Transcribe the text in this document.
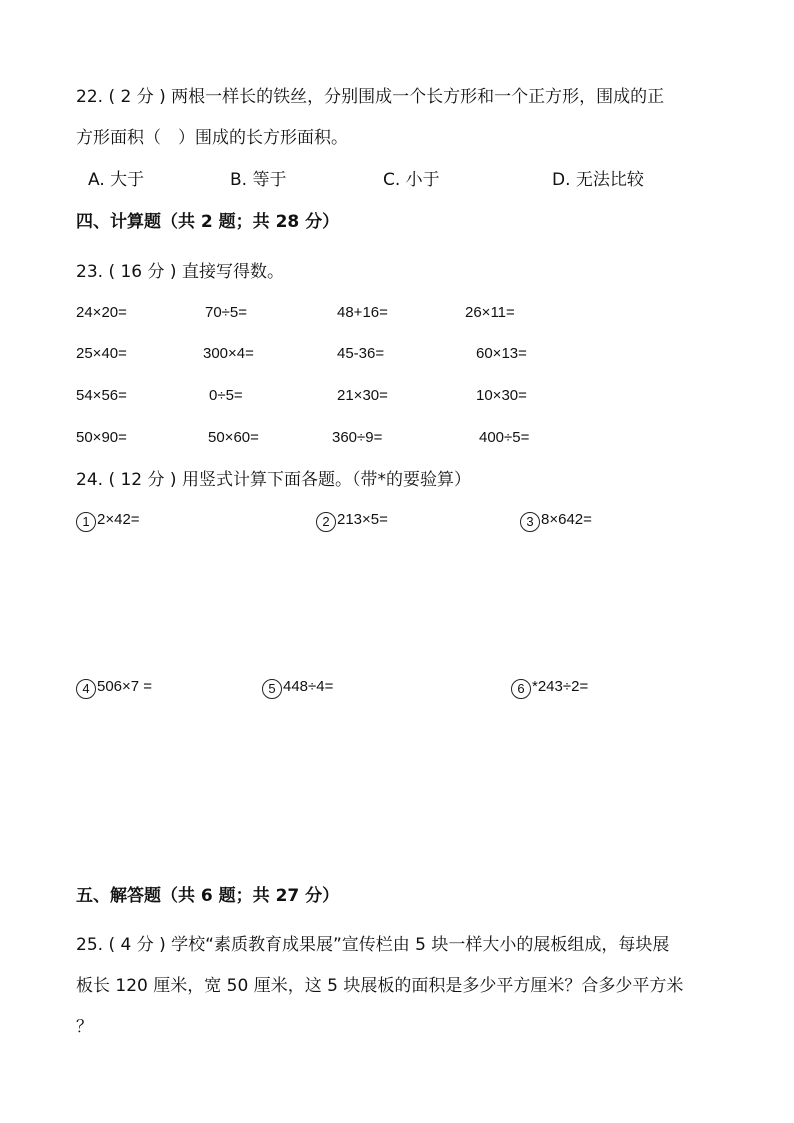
22. ( 2 分 ) 两根一样长的铁丝，分别围成一个长方形和一个正方形，围成的正
方形面积（　）围成的长方形面积。
A. 大于	B. 等于	C. 小于	D. 无法比较
四、计算题（共 2 题；共 28 分）
23. ( 16 分 ) 直接写得数。
24×20=	70÷5=	48+16=	26×11=
25×40=	300×4=	45-36=	60×13=
54×56=	0÷5=	21×30=	10×30=
50×90=	50×60=	360÷9=	400÷5=
24. ( 12 分 ) 用竖式计算下面各题。（带*的要验算）
1 2×42=	2 213×5=	3 8×642=
4 506×7 =	5 448÷4=	6 *243÷2=
五、解答题（共 6 题；共 27 分）
25. ( 4 分 ) 学校“素质教育成果展”宣传栏由 5 块一样大小的展板组成，每块展
板长 120 厘米，宽 50 厘米，这 5 块展板的面积是多少平方厘米？合多少平方米
？
